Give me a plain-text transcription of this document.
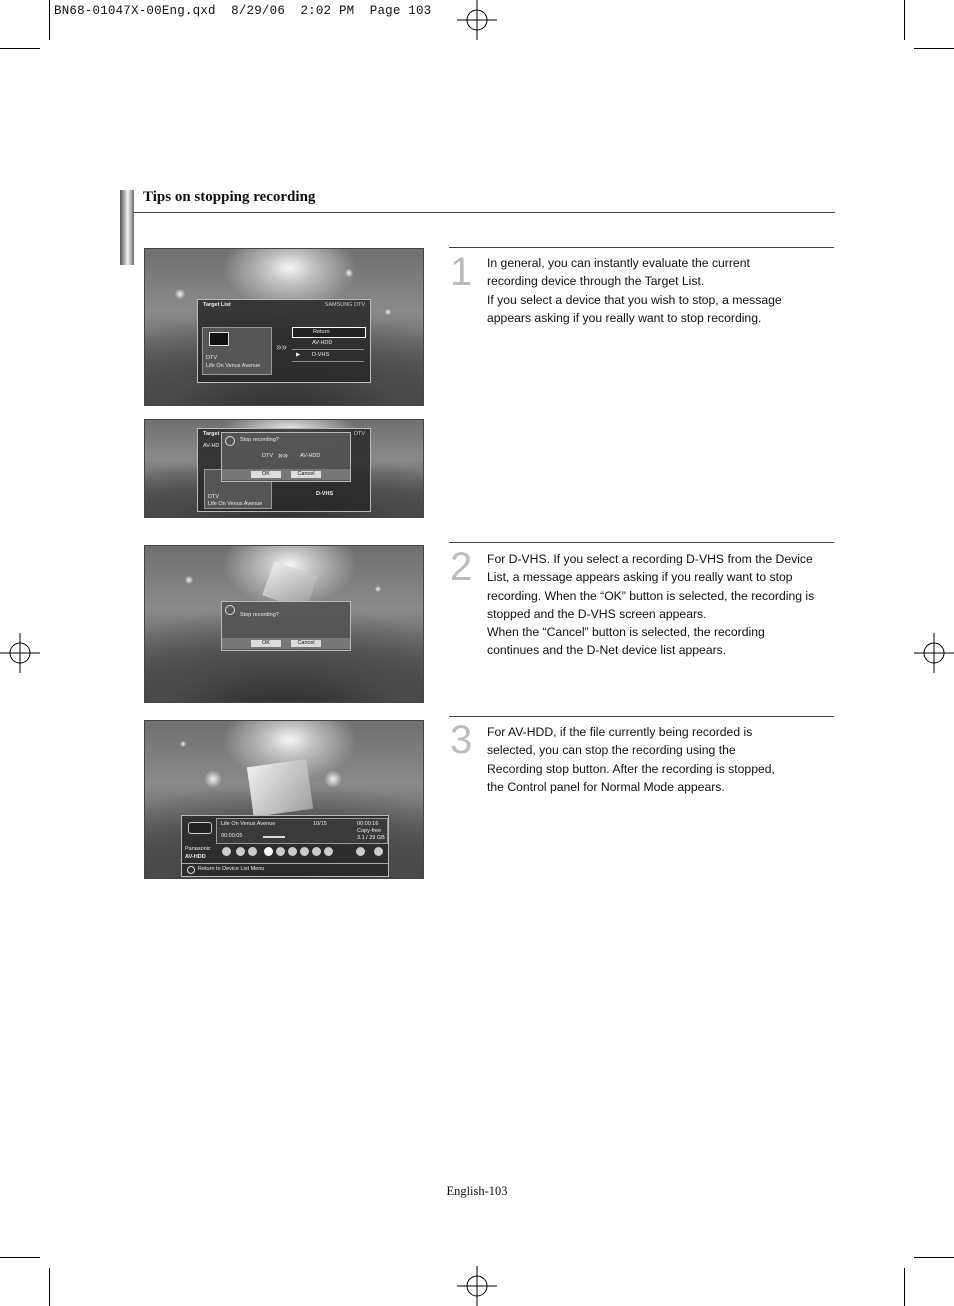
BN68-01047X-00Eng.qxd  8/29/06  2:02 PM  Page 103
Tips on stopping recording
Target List	SAMSUNG DTV
DTV
Life On Venus Avenue
»»
Return
AV-HDD
▶ D-VHS
Target
AV-HD
DTV
DTV
Life On Venus Avenue
D-VHS
Stop recording?
DTV »» AV-HDD
OK	Cancel
Stop recording?
OK	Cancel
Panasonic
AV-HDD
Life On Venus Avenue	10/15	00:00:16
00:00:05
Copy-free
3.1 / 29 GB
Return to Device List Menu
1 In general, you can instantly evaluate the current
recording device through the Target List.
If you select a device that you wish to stop, a message
appears asking if you really want to stop recording.
2 For D-VHS. If you select a recording D-VHS from the Device
List, a message appears asking if you really want to stop
recording. When the “OK” button is selected, the recording is
stopped and the D-VHS screen appears.
When the “Cancel” button is selected, the recording
continues and the D-Net device list appears.
3 For AV-HDD, if the file currently being recorded is
selected, you can stop the recording using the
Recording stop button. After the recording is stopped,
the Control panel for Normal Mode appears.
English-103
